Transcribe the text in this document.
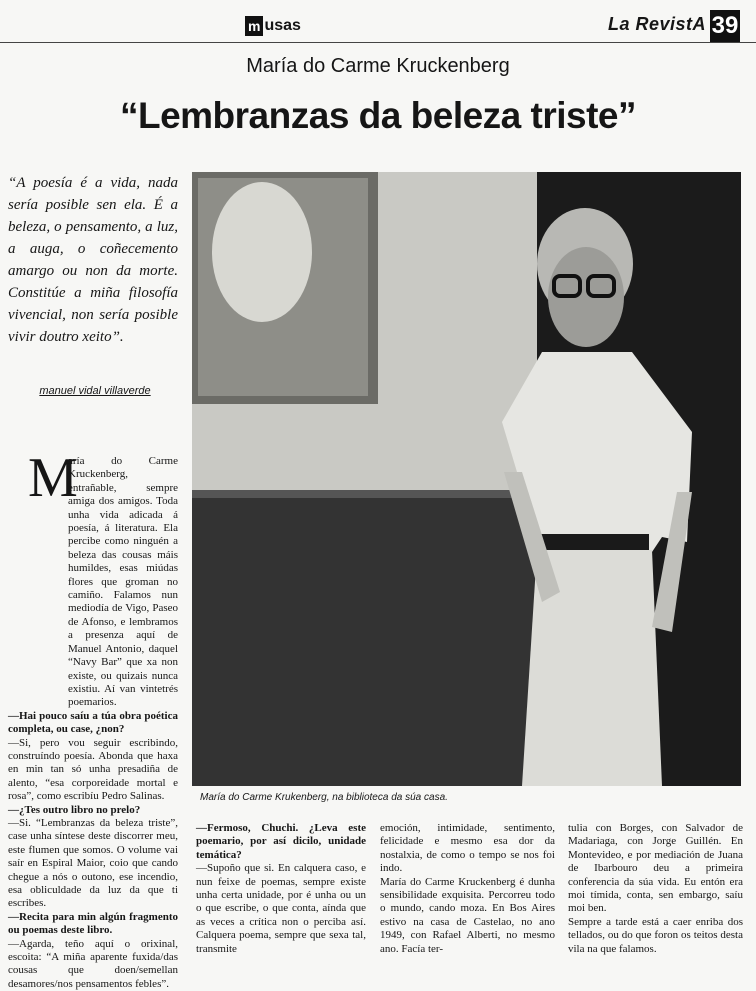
m usas	La RevistA 39
María do Carme Kruckenberg
“Lembranzas da beleza triste”
“A poesía é a vida, nada sería posible sen ela. É a beleza, o pensamento, a luz, a auga, o coñecemento amargo ou non da morte. Constitúe a miña filosofía vivencial, non sería posible vivir doutro xeito”.
manuel vidal villaverde
María do Carme Krukenberg, na biblioteca da súa casa.
M

aría do Carme Kruckenberg, entrañable, sempre amiga dos amigos. Toda unha vida adicada á poesía, á literatura. Ela percibe como ninguén a beleza das cousas máis humildes, esas miúdas flores que groman no camiño. Falamos nun mediodía de Vigo, Paseo de Afonso, e lembramos a presenza aquí de Manuel Antonio, daquel “Navy Bar” que xa non existe, ou quizais nunca existiu. Aí van vintetrés poemarios.

—Hai pouco saíu a túa obra poética completa, ou case, ¿non?

—Si, pero vou seguir escribindo, construíndo poesía. Abonda que haxa en min tan só unha presadiña de alento, “esa corporeidade mortal e rosa”, como escribíu Pedro Salinas.

—¿Tes outro libro no prelo?

—Si. “Lembranzas da beleza triste”, case unha síntese deste discorrer meu, este flumen que somos. O volume vai saír en Espiral Maior, coio que cando chegue a nós o outono, ese incendio, esa obliculdade da luz da que ti escribes.

—Recita para min algún fragmento ou poemas deste libro.

—Agarda, teño aquí o orixinal, escoita: “A miña aparente fuxida/das cousas que doen/semellan desamores/nos pensamentos febles”.

—Fermoso, Chuchi. ¿Leva este poemario, por así dicilo, unidade temática?

—Supoño que si. En calquera caso, e nun feixe de poemas, sempre existe unha certa unidade, por é unha ou un o que escribe, o que conta, aínda que as veces a crítica non o perciba así. Calquera poema, sempre que sexa tal, transmite

emoción, intimidade, sentimento, felicidade e mesmo esa dor da nostalxia, de como o tempo se nos foi indo.

María do Carme Kruckenberg é dunha sensibilidade exquisita. Percorreu todo o mundo, cando moza. En Bos Aires estivo na casa de Castelao, no ano 1949, con Rafael Alberti, no mesmo ano. Facía ter-

tulia con Borges, con Salvador de Madariaga, con Jorge Guillén. En Montevideo, e por mediación de Juana de Ibarbouro deu a primeira conferencia da súa vida. Eu entón era moi tímida, conta, sen embargo, saíu moi ben.

Sempre a tarde está a caer enriba dos tellados, ou do que foron os teitos desta vila na que falamos.
